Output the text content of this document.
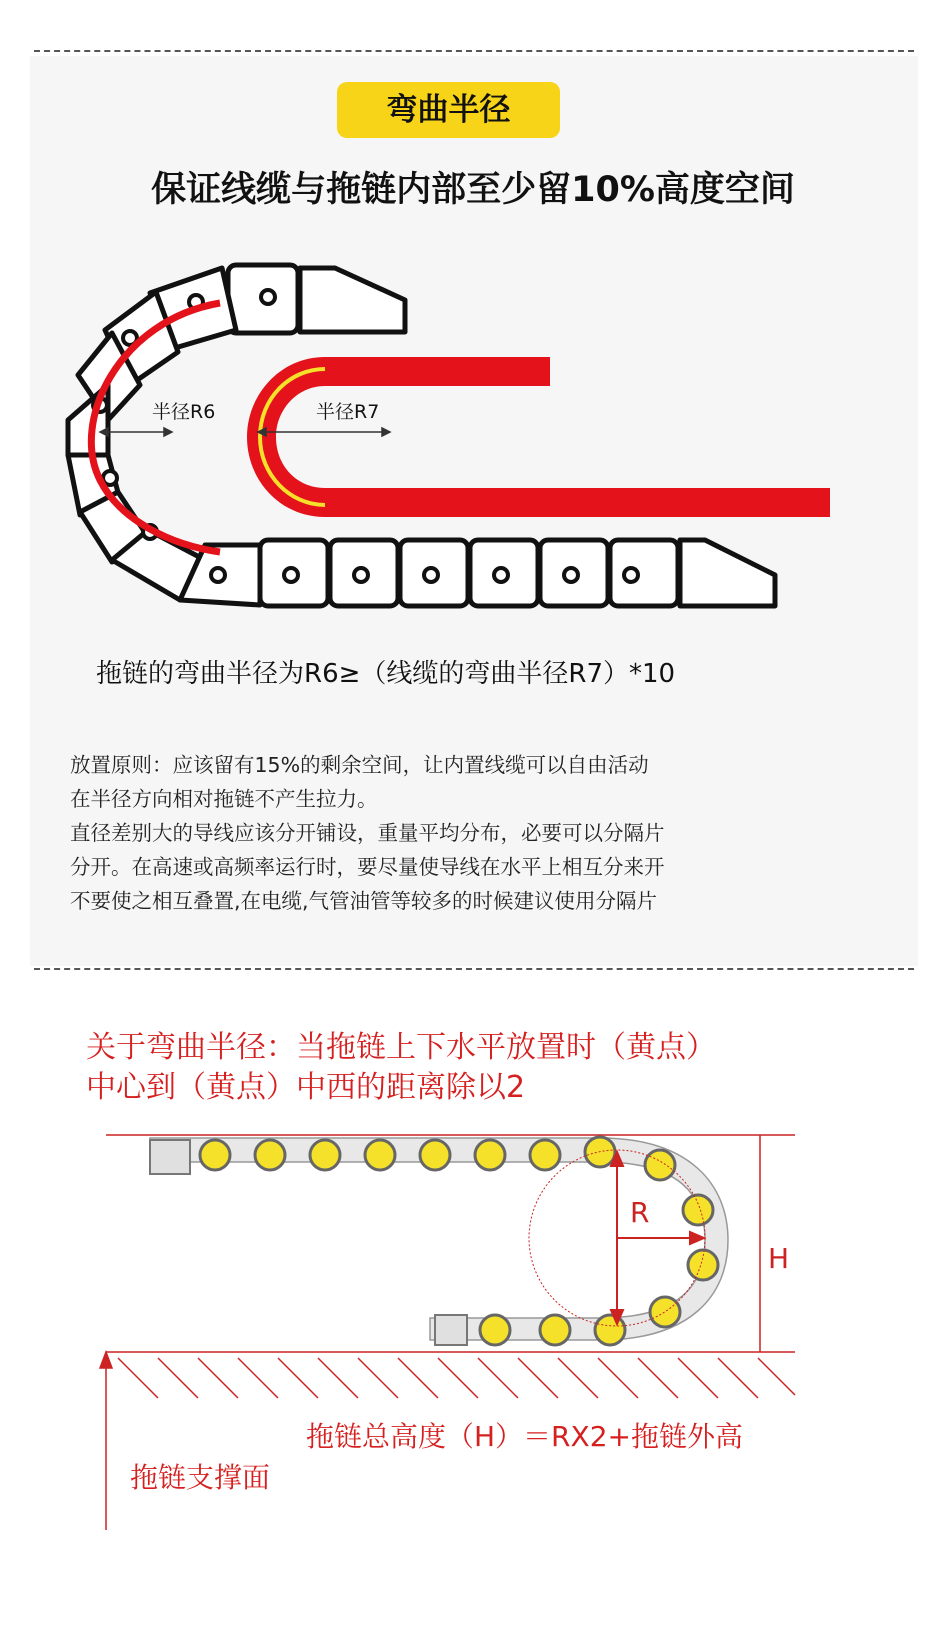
弯曲半径
保证线缆与拖链内部至少留10%高度空间
半径R6	半径R7
拖链的弯曲半径为R6≥（线缆的弯曲半径R7）*10

放置原则：应该留有15%的剩余空间，让内置线缆可以自由活动

在半径方向相对拖链不产生拉力。

直径差别大的导线应该分开铺设，重量平均分布，必要可以分隔片

分开。在高速或高频率运行时，要尽量使导线在水平上相互分来开

不要使之相互叠置,在电缆,气管油管等较多的时候建议使用分隔片

关于弯曲半径：当拖链上下水平放置时（黄点）

中心到（黄点）中西的距离除以2

R
H
拖链总高度（H）＝RX2+拖链外高
拖链支撑面
